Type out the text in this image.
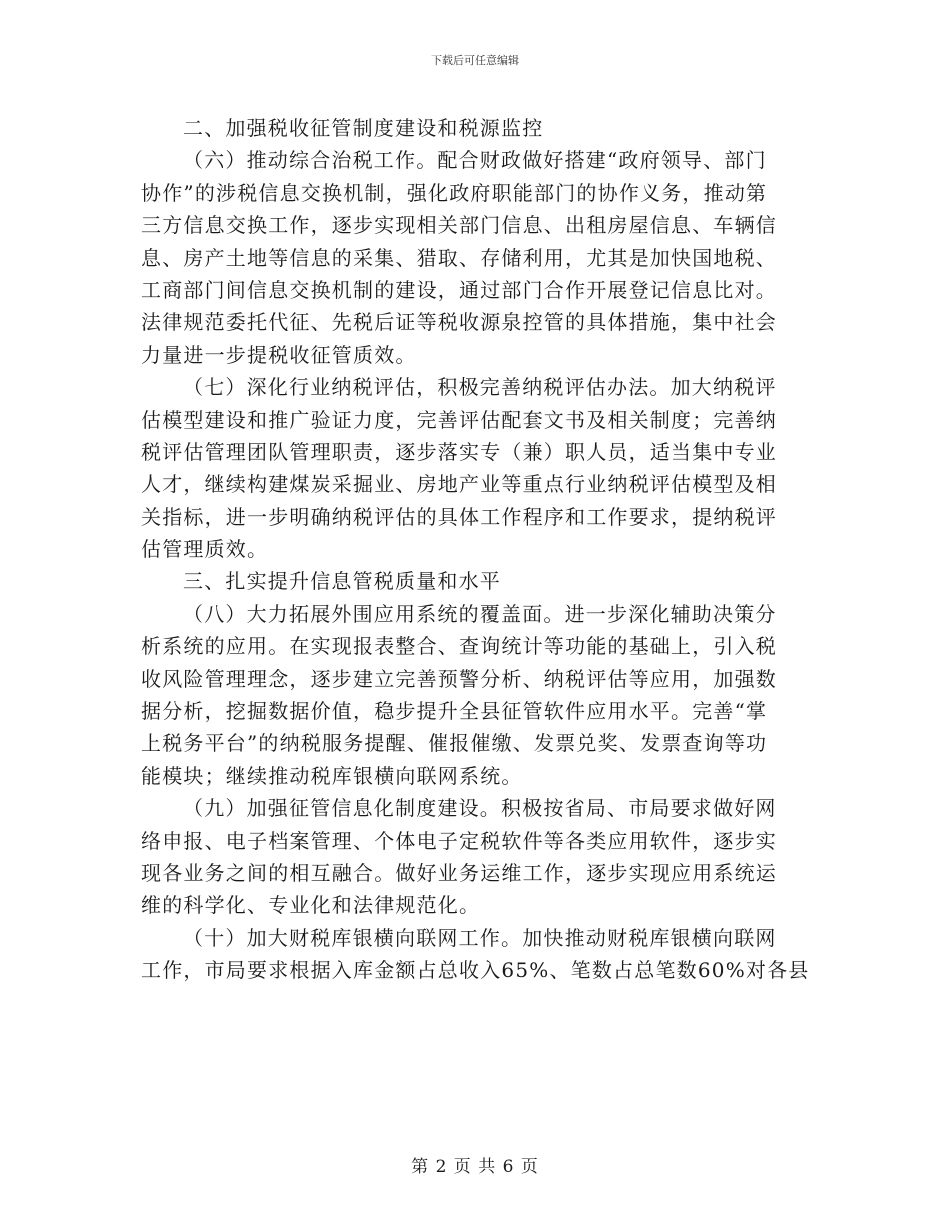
下载后可任意编辑
二、加强税收征管制度建设和税源监控
（六）推动综合治税工作。配合财政做好搭建“政府领导、部门
协作”的涉税信息交换机制，强化政府职能部门的协作义务，推动第
三方信息交换工作，逐步实现相关部门信息、出租房屋信息、车辆信
息、房产土地等信息的采集、猎取、存储利用，尤其是加快国地税、
工商部门间信息交换机制的建设，通过部门合作开展登记信息比对。
法律规范委托代征、先税后证等税收源泉控管的具体措施，集中社会
力量进一步提税收征管质效。
（七）深化行业纳税评估，积极完善纳税评估办法。加大纳税评
估模型建设和推广验证力度，完善评估配套文书及相关制度；完善纳
税评估管理团队管理职责，逐步落实专（兼）职人员，适当集中专业
人才，继续构建煤炭采掘业、房地产业等重点行业纳税评估模型及相
关指标，进一步明确纳税评估的具体工作程序和工作要求，提纳税评
估管理质效。
三、扎实提升信息管税质量和水平
（八）大力拓展外围应用系统的覆盖面。进一步深化辅助决策分
析系统的应用。在实现报表整合、查询统计等功能的基础上，引入税
收风险管理理念，逐步建立完善预警分析、纳税评估等应用，加强数
据分析，挖掘数据价值，稳步提升全县征管软件应用水平。完善“掌
上税务平台”的纳税服务提醒、催报催缴、发票兑奖、发票查询等功
能模块；继续推动税库银横向联网系统。
（九）加强征管信息化制度建设。积极按省局、市局要求做好网
络申报、电子档案管理、个体电子定税软件等各类应用软件，逐步实
现各业务之间的相互融合。做好业务运维工作，逐步实现应用系统运
维的科学化、专业化和法律规范化。
（十）加大财税库银横向联网工作。加快推动财税库银横向联网
工作，市局要求根据入库金额占总收入65%、笔数占总笔数60%对各县
第 2 页 共 6 页
